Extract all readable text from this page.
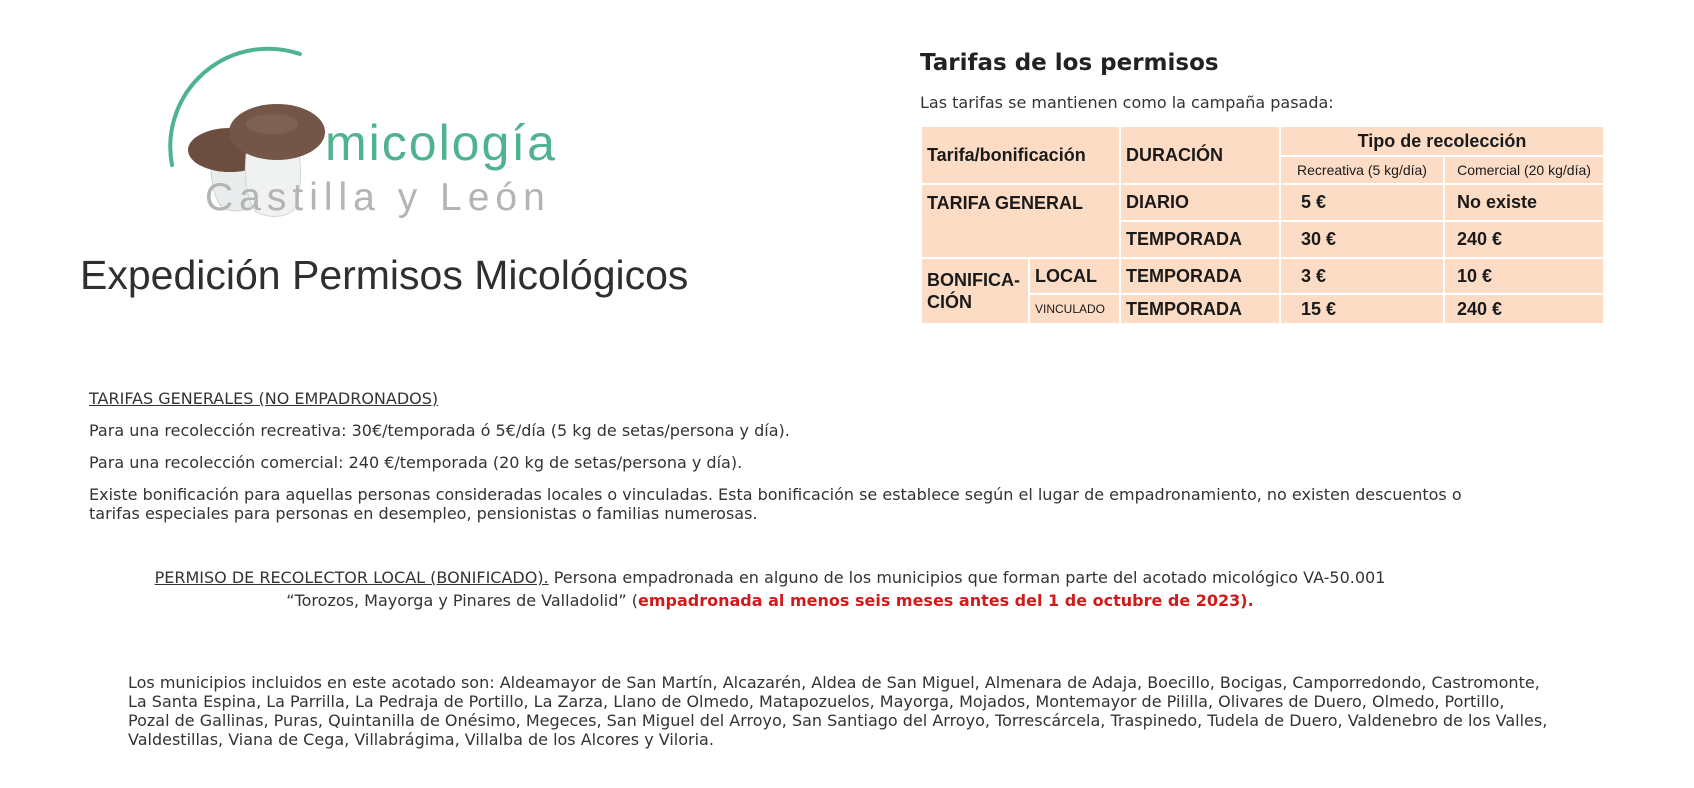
micología
Castilla y León
Expedición Permisos Micológicos
Tarifas de los permisos
Las tarifas se mantienen como la campaña pasada:
Tarifa/bonificación		DURACIÓN	Tipo de recolección	
			Recreativa (5 kg/día)	Comercial (20 kg/día)
TARIFA GENERAL		DIARIO	5 €	No existe
		TEMPORADA	30 €	240 €
BONIFICA-CIÓN	LOCAL	TEMPORADA	3 €	10 €
	VINCULADO	TEMPORADA	15 €	240 €
TARIFAS GENERALES (NO EMPADRONADOS)
Para una recolección recreativa: 30€/temporada ó 5€/día (5 kg de setas/persona y día).
Para una recolección comercial: 240 €/temporada (20 kg de setas/persona y día).
Existe bonificación para aquellas personas consideradas locales o vinculadas. Esta bonificación se establece según el lugar de empadronamiento, no existen descuentos o tarifas especiales para personas en desempleo, pensionistas o familias numerosas.
PERMISO DE RECOLECTOR LOCAL (BONIFICADO). Persona empadronada en alguno de los municipios que forman parte del acotado micológico VA-50.001
“Torozos, Mayorga y Pinares de Valladolid” (empadronada al menos seis meses antes del 1 de octubre de 2023).
Los municipios incluidos en este acotado son: Aldeamayor de San Martín, Alcazarén, Aldea de San Miguel, Almenara de Adaja, Boecillo, Bocigas, Camporredondo, Castromonte, La Santa Espina, La Parrilla, La Pedraja de Portillo, La Zarza, Llano de Olmedo, Matapozuelos, Mayorga, Mojados, Montemayor de Pililla, Olivares de Duero, Olmedo, Portillo, Pozal de Gallinas, Puras, Quintanilla de Onésimo, Megeces, San Miguel del Arroyo, San Santiago del Arroyo, Torrescárcela, Traspinedo, Tudela de Duero, Valdenebro de los Valles, Valdestillas, Viana de Cega, Villabrágima, Villalba de los Alcores y Viloria.
